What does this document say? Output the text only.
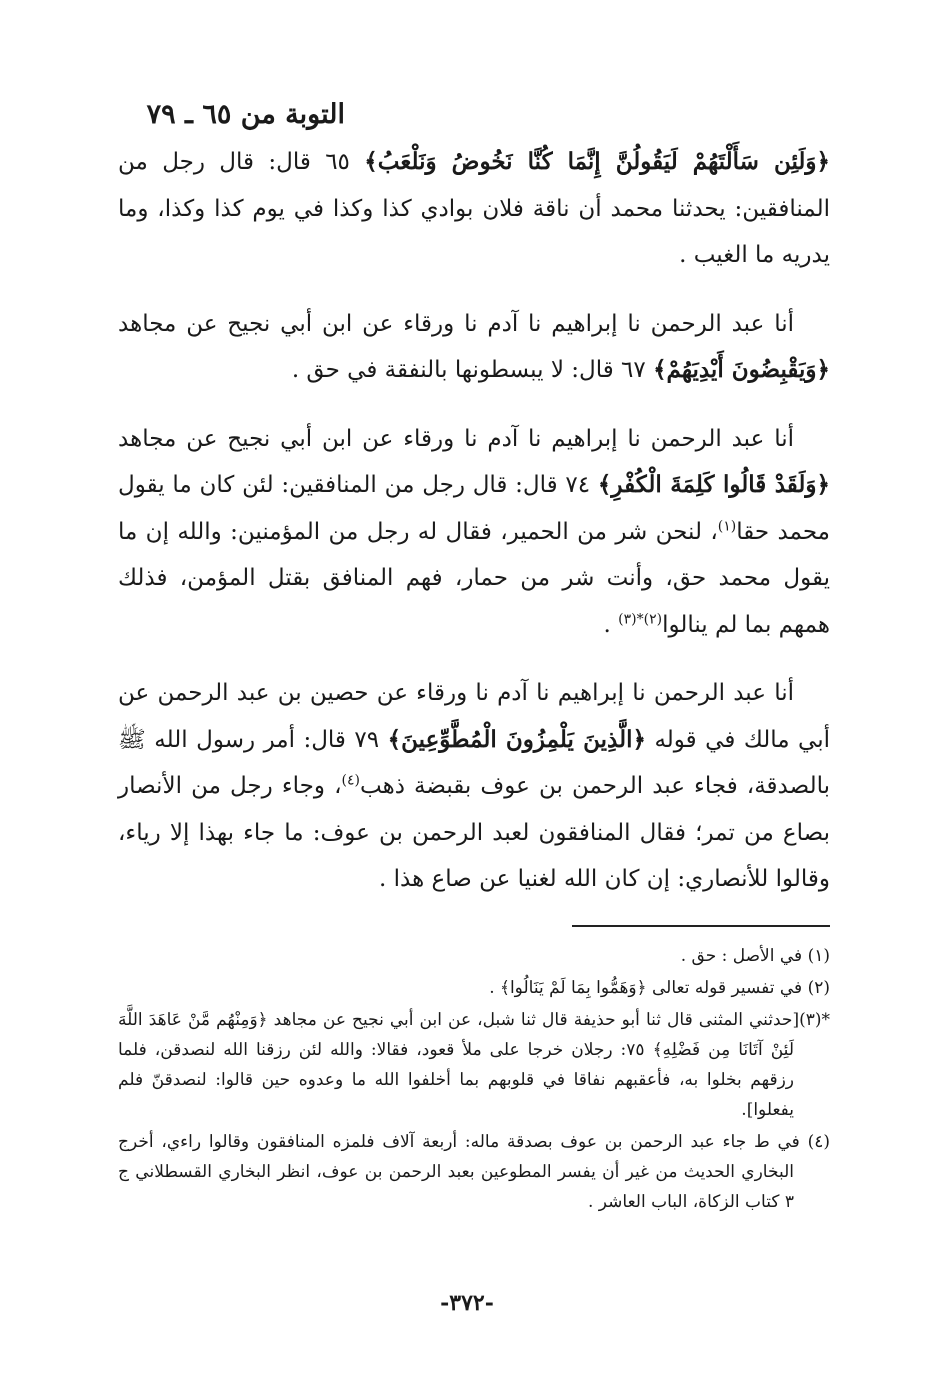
التوبة من ٦٥ ـ ٧٩

﴿وَلَئِن سَأَلْتَهُمْ لَيَقُولُنَّ إِنَّمَا كُنَّا نَخُوضُ وَنَلْعَبُ﴾ ٦٥ قال: قال رجل من المنافقين: يحدثنا محمد أن ناقة فلان بوادي كذا وكذا في يوم كذا وكذا، وما يدريه ما الغيب .

أنا عبد الرحمن نا إبراهيم نا آدم نا ورقاء عن ابن أبي نجيح عن مجاهد ﴿وَيَقْبِضُونَ أَيْدِيَهُمْ﴾ ٦٧ قال: لا يبسطونها بالنفقة في حق .

أنا عبد الرحمن نا إبراهيم نا آدم نا ورقاء عن ابن أبي نجيح عن مجاهد ﴿وَلَقَدْ قَالُوا كَلِمَةَ الْكُفْرِ﴾ ٧٤ قال: قال رجل من المنافقين: لئن كان ما يقول محمد حقا$^{(١)}$، لنحن شر من الحمير، فقال له رجل من المؤمنين: والله إن ما يقول محمد حق، وأنت شر من حمار، فهم المنافق بقتل المؤمن، فذلك همهم بما لم ينالوا$^{(٢)*(٣)}$ .

أنا عبد الرحمن نا إبراهيم نا آدم نا ورقاء عن حصين بن عبد الرحمن عن أبي مالك في قوله ﴿الَّذِينَ يَلْمِزُونَ الْمُطَّوِّعِينَ﴾ ٧٩ قال: أمر رسول الله ﷺ بالصدقة، فجاء عبد الرحمن بن عوف بقبضة ذهب$^{(٤)}$، وجاء رجل من الأنصار بصاع من تمر؛ فقال المنافقون لعبد الرحمن بن عوف: ما جاء بهذا إلا رياء، وقالوا للأنصاري: إن كان الله لغنيا عن صاع هذا .

(١) في الأصل : حق .

(٢) في تفسير قوله تعالى ﴿وَهَمُّوا بِمَا لَمْ يَنَالُوا﴾ .

*(٣)[حدثني المثنى قال ثنا أبو حذيفة قال ثنا شبل، عن ابن أبي نجيح عن مجاهد ﴿وَمِنْهُم مَّنْ عَاهَدَ اللَّهَ لَئِنْ آتَانَا مِن فَضْلِهِ﴾ ٧٥: رجلان خرجا على ملأ قعود، فقالا: والله لئن رزقنا الله لنصدقن، فلما رزقهم بخلوا به، فأعقبهم نفاقا في قلوبهم بما أخلفوا الله ما وعدوه حين قالوا: لنصدقنّ فلم يفعلوا].

(٤) في ط جاء عبد الرحمن بن عوف بصدقة ماله: أربعة آلاف فلمزه المنافقون وقالوا راءي، أخرج البخاري الحديث من غير أن يفسر المطوعين بعبد الرحمن بن عوف، انظر البخاري القسطلاني ج ٣ كتاب الزكاة، الباب العاشر .

-٣٧٢-
